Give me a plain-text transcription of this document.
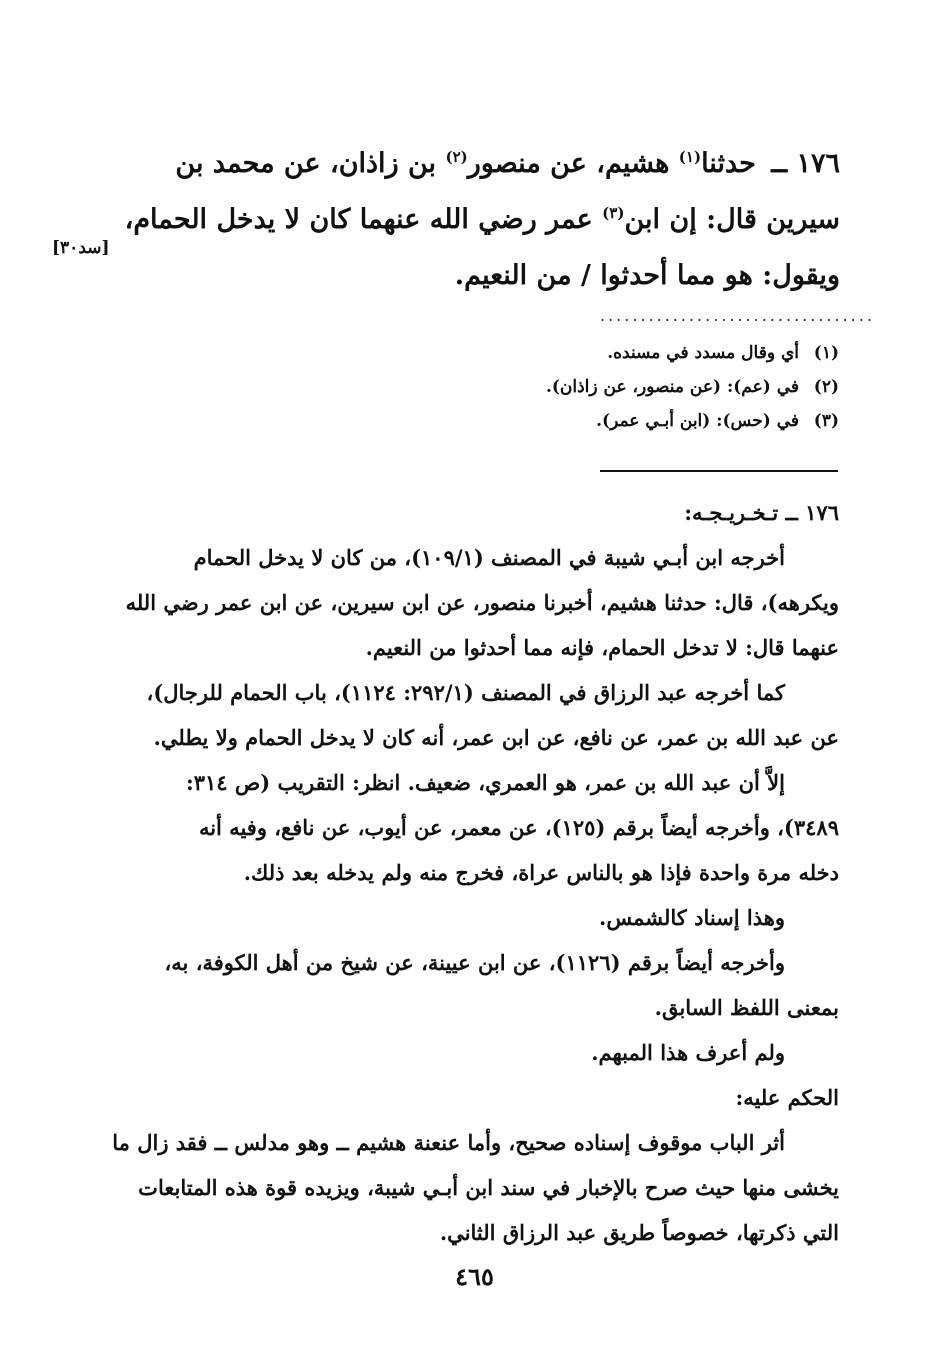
١٧٦ ــ حدثنا$^{(١)}$ هشيم، عن منصور$^{(٢)}$ بن زاذان، عن محمد بن
سيرين قال: إن ابن$^{(٣)}$ عمر رضي الله عنهما كان لا يدخل الحمام،
ويقول: هو مما أحدثوا / من النعيم.
[سد٣٠]
..................................
(١)أي وقال مسدد في مسنده.
(٢)في (عم): (عن منصور، عن زاذان).
(٣)في (حس): (ابن أبـي عمر).
١٧٦ ــ تـخـريـجـه:
أخرجه ابن أبـي شيبة في المصنف (١٠٩/١)، من كان لا يدخل الحمام
ويكرهه)، قال: حدثنا هشيم، أخبرنا منصور، عن ابن سيرين، عن ابن عمر رضي الله
عنهما قال: لا تدخل الحمام، فإنه مما أحدثوا من النعيم.
كما أخرجه عبد الرزاق في المصنف (٢٩٢/١: ١١٢٤)، باب الحمام للرجال)،
عن عبد الله بن عمر، عن نافع، عن ابن عمر، أنه كان لا يدخل الحمام ولا يطلي.
إلاَّ أن عبد الله بن عمر، هو العمري، ضعيف. انظر: التقريب (ص ٣١٤:
٣٤٨٩)، وأخرجه أيضاً برقم (١٢٥)، عن معمر، عن أيوب، عن نافع، وفيه أنه
دخله مرة واحدة فإذا هو بالناس عراة، فخرج منه ولم يدخله بعد ذلك.
وهذا إسناد كالشمس.
وأخرجه أيضاً برقم (١١٢٦)، عن ابن عيينة، عن شيخ من أهل الكوفة، به،
بمعنى اللفظ السابق.
ولم أعرف هذا المبهم.
الحكم عليه:
أثر الباب موقوف إسناده صحيح، وأما عنعنة هشيم ــ وهو مدلس ــ فقد زال ما
يخشى منها حيث صرح بالإخبار في سند ابن أبـي شيبة، ويزيده قوة هذه المتابعات
التي ذكرتها، خصوصاً طريق عبد الرزاق الثاني.
٤٦٥
